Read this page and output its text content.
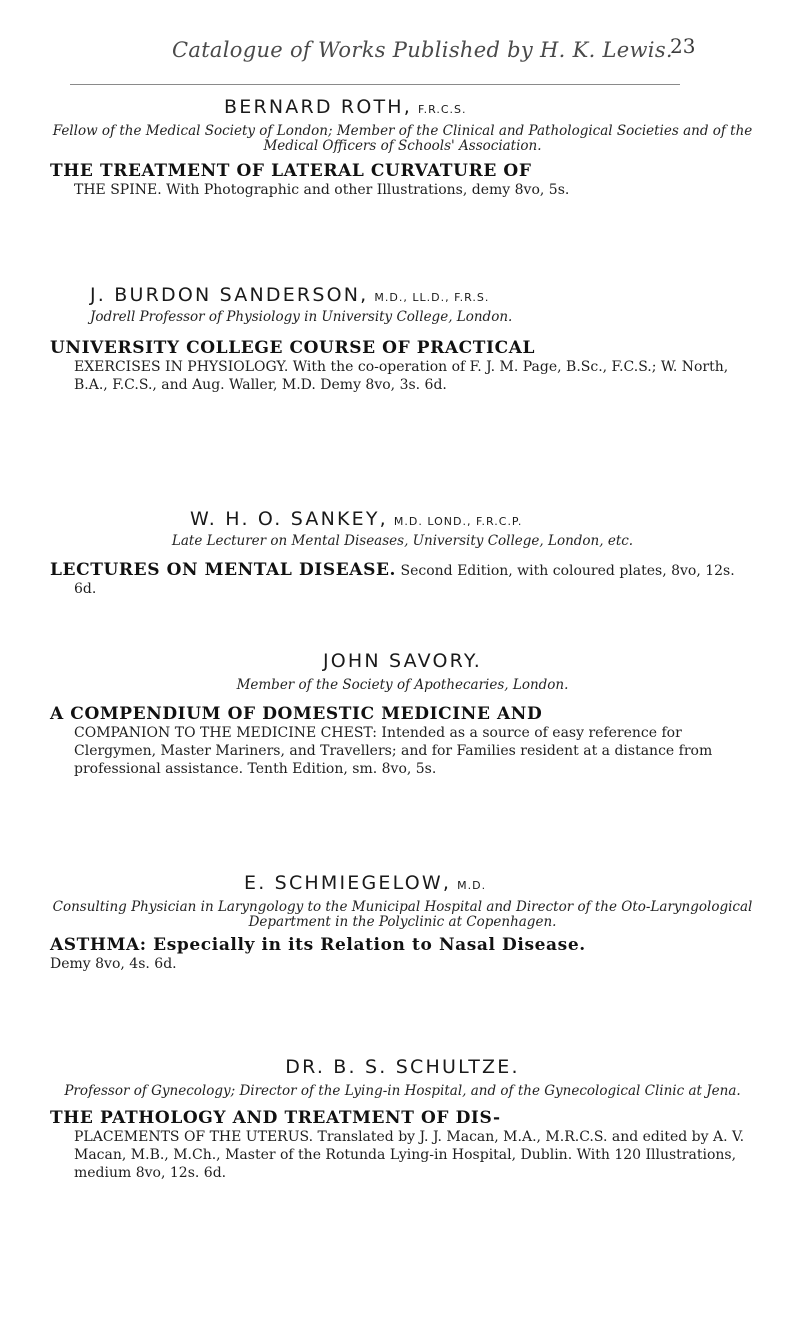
Catalogue of Works Published by H. K. Lewis.
23
BERNARD ROTH, F.R.C.S.
Fellow of the Medical Society of London; Member of the Clinical and Pathological Societies and of the Medical Officers of Schools' Association.
THE TREATMENT OF LATERAL CURVATURE OF
THE SPINE. With Photographic and other Illustrations, demy 8vo, 5s.
J. BURDON SANDERSON, M.D., LL.D., F.R.S.
Jodrell Professor of Physiology in University College, London.
UNIVERSITY COLLEGE COURSE OF PRACTICAL
EXERCISES IN PHYSIOLOGY. With the co-operation of F. J. M. Page, B.Sc., F.C.S.; W. North, B.A., F.C.S., and Aug. Waller, M.D. Demy 8vo, 3s. 6d.
W. H. O. SANKEY, M.D. LOND., F.R.C.P.
Late Lecturer on Mental Diseases, University College, London, etc.
LECTURES ON MENTAL DISEASE. Second Edition, with coloured plates, 8vo, 12s. 6d.
JOHN SAVORY.
Member of the Society of Apothecaries, London.
A COMPENDIUM OF DOMESTIC MEDICINE AND
COMPANION TO THE MEDICINE CHEST: Intended as a source of easy reference for Clergymen, Master Mariners, and Travellers; and for Families resident at a distance from professional assistance. Tenth Edition, sm. 8vo, 5s.
E. SCHMIEGELOW, M.D.
Consulting Physician in Laryngology to the Municipal Hospital and Director of the Oto-Laryngological Department in the Polyclinic at Copenhagen.
ASTHMA: Especially in its Relation to Nasal Disease.
Demy 8vo, 4s. 6d.
DR. B. S. SCHULTZE.
Professor of Gynecology; Director of the Lying-in Hospital, and of the Gynecological Clinic at Jena.
THE PATHOLOGY AND TREATMENT OF DIS-
PLACEMENTS OF THE UTERUS. Translated by J. J. Macan, M.A., M.R.C.S. and edited by A. V. Macan, M.B., M.Ch., Master of the Rotunda Lying-in Hospital, Dublin. With 120 Illustrations, medium 8vo, 12s. 6d.
